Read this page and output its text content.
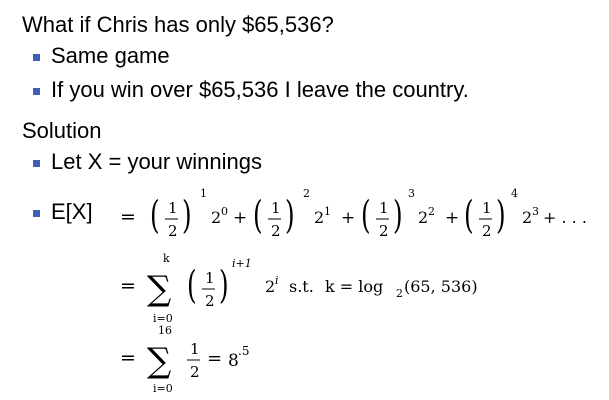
What if Chris has only $65,536?
Same game
If you win over $65,536 I leave the country.
Solution
Let X = your winnings
E[X] = ( 1
2 ) 1
2 0 + ( 1
2 ) 2
2 1 + ( 1
2 ) 3
2 2 + ( 1
2 ) 4
2 3 + . . .
=
k
∑
i=0
( 1
2 ) i+1
2 i s.t. k = log 2 (65, 536)
=
16
∑
i=0
1
2
= 8 .5
